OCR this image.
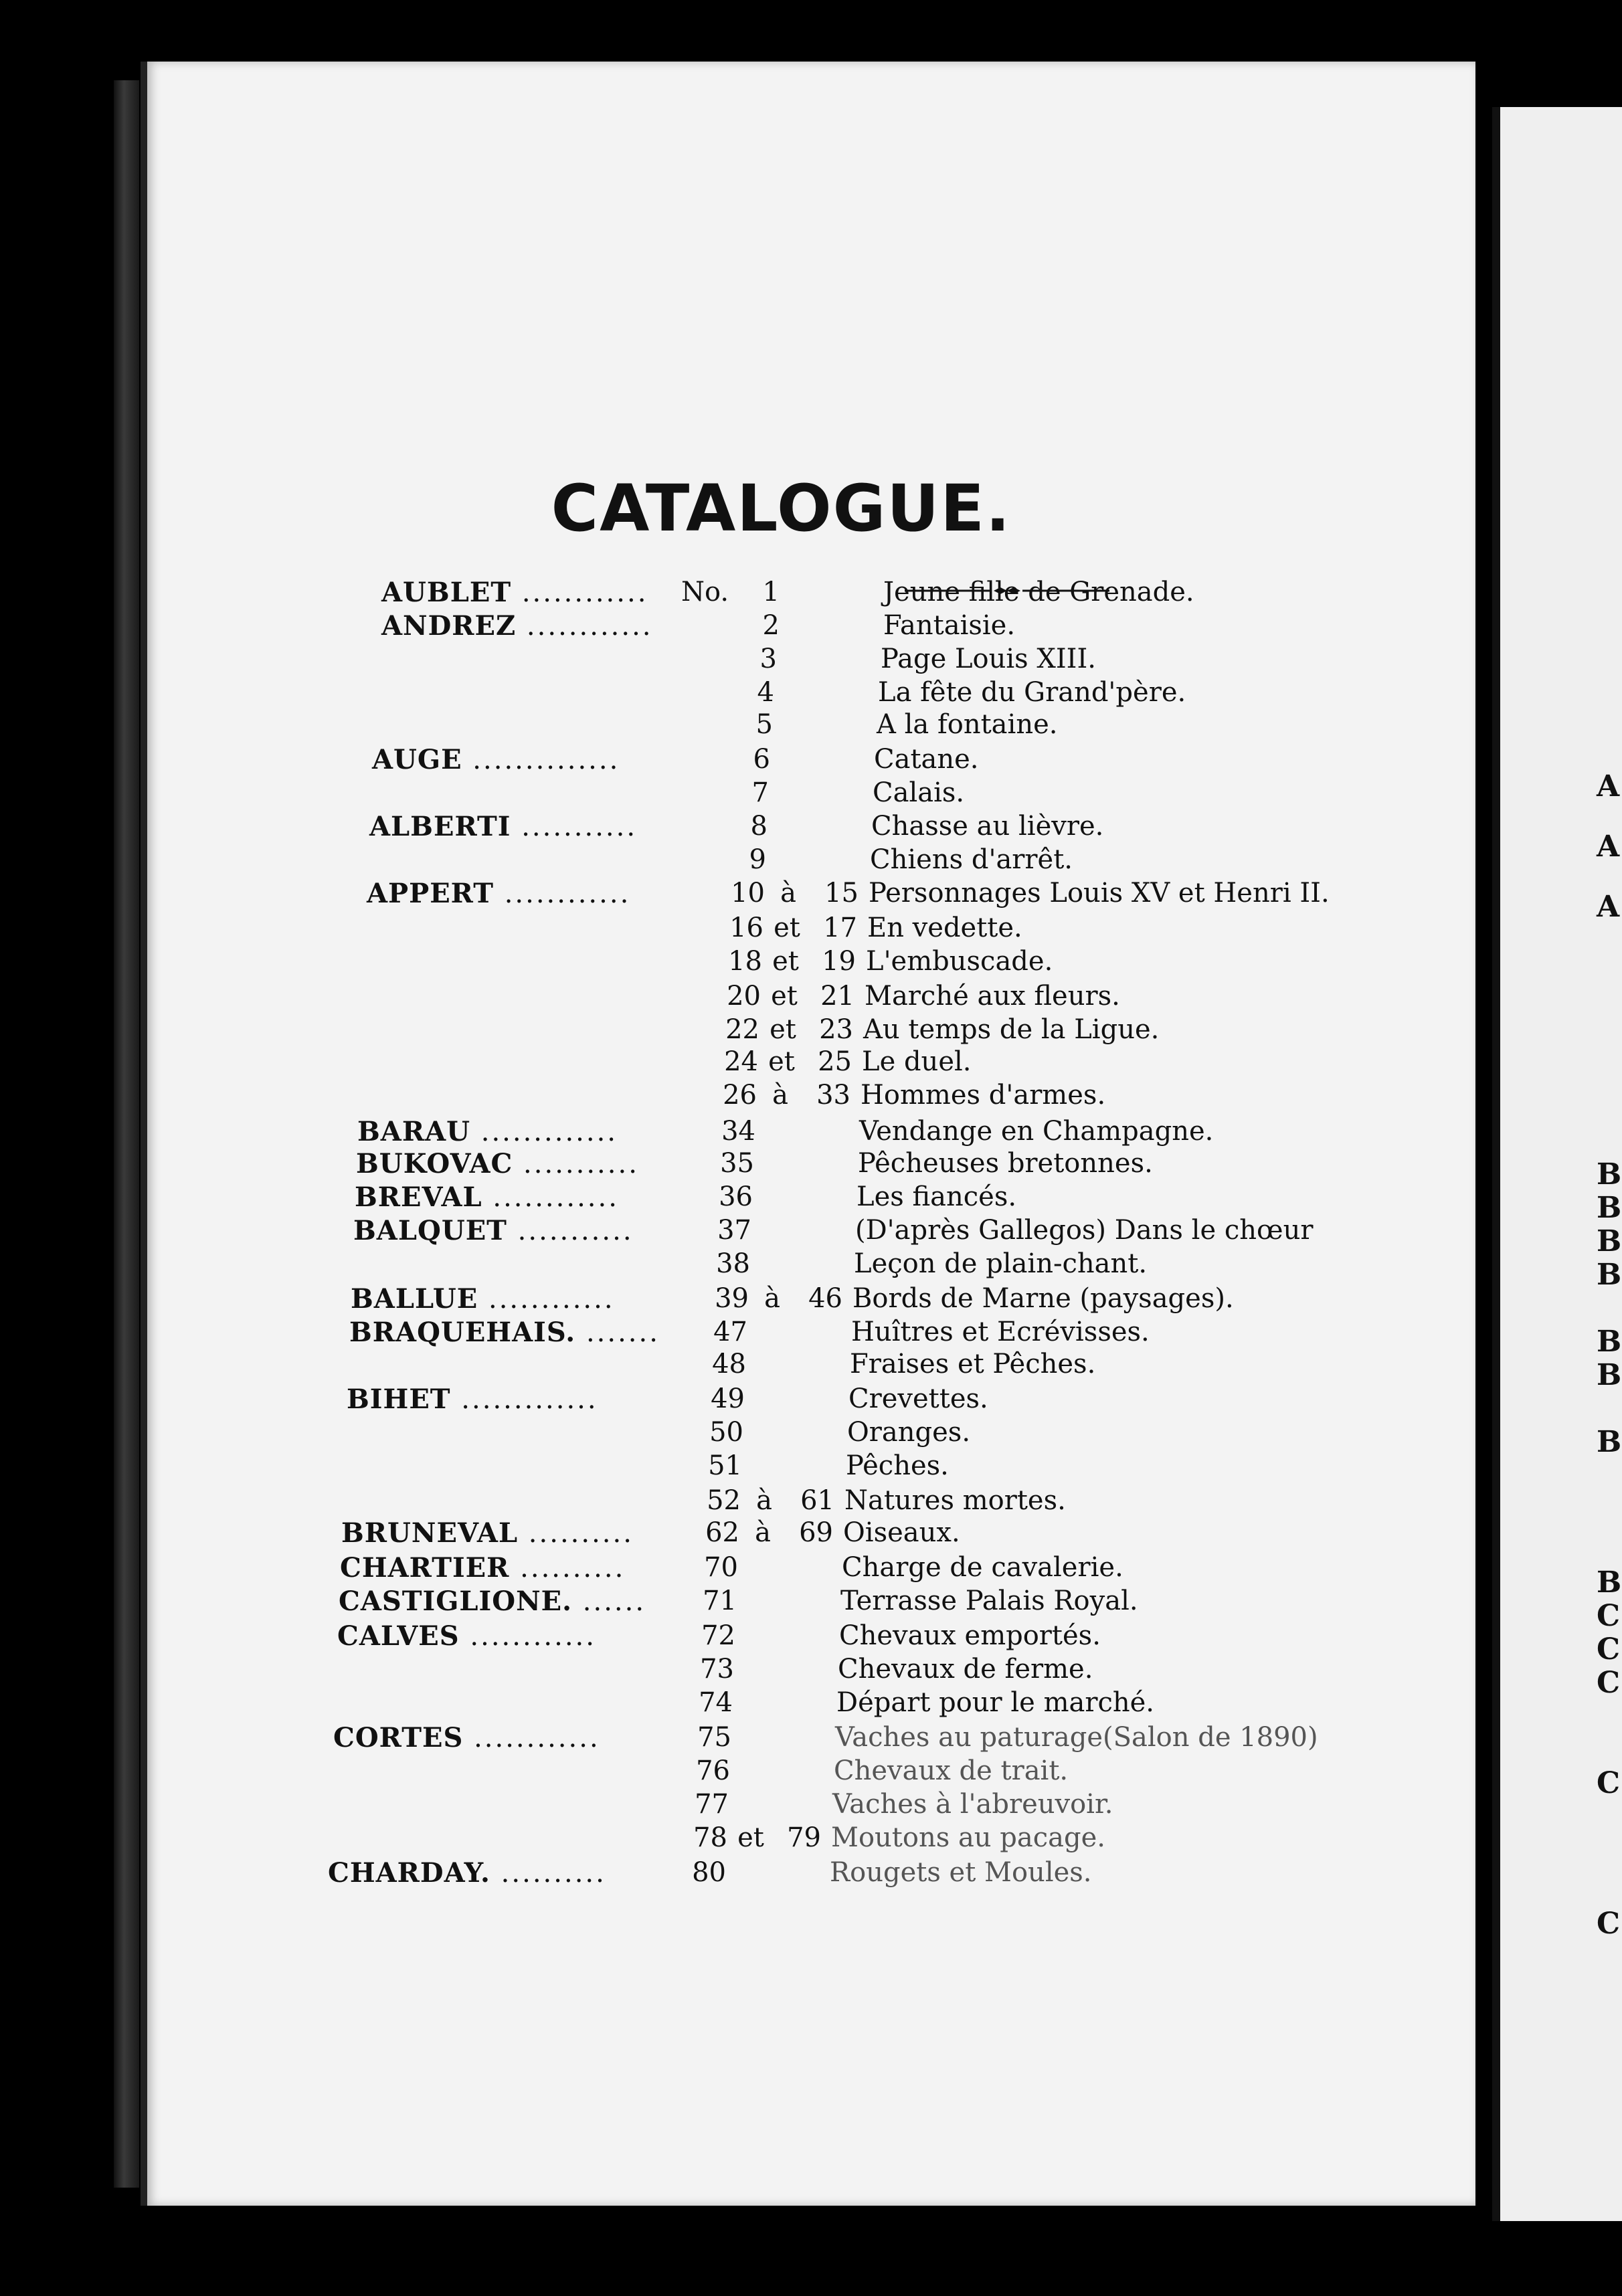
CATALOGUE.
AUBLET ............	No.	1	Jeune fille de Grenade.
ANDREZ ............	2	Fantaisie.
3	Page Louis XIII.
4	La fête du Grand'père.
5	A la fontaine.
AUGE ..............	6	Catane.
7	Calais.
ALBERTI ...........	8	Chasse au lièvre.
9	Chiens d'arrêt.
APPERT ............	10 à	15 Personnages Louis XV et Henri II.
16 et 17 En vedette.
18 et 19 L'embuscade.
20 et 21 Marché aux fleurs.
22 et 23 Au temps de la Ligue.
24 et 25 Le duel.
26 à	33 Hommes d'armes.
BARAU .............	34	Vendange en Champagne.
BUKOVAC ...........	35	Pêcheuses bretonnes.
BREVAL ............	36	Les fiancés.
BALQUET ...........	37	(D'après Gallegos) Dans le chœur
38	Leçon de plain-chant.
BALLUE ............	39 à	46 Bords de Marne (paysages).
BRAQUEHAIS. .......	47	Huîtres et Ecrévisses.
48	Fraises et Pêches.
BIHET .............	49	Crevettes.
50	Oranges.
51	Pêches.
52 à	61 Natures mortes.
BRUNEVAL ..........	62 à	69 Oiseaux.
CHARTIER ..........	70	Charge de cavalerie.
CASTIGLIONE. ......	71	Terrasse Palais Royal.
CALVES ............	72	Chevaux emportés.
73	Chevaux de ferme.
74	Départ pour le marché.
CORTES ............	75	Vaches au paturage(Salon de 1890)
76	Chevaux de trait.
77	Vaches à l'abreuvoir.
78 et 79 Moutons au pacage.
CHARDAY. ..........	80	Rougets et Moules.
A
A
A
B
B
B
B
B
B
B
B
C
C
C
C
C
